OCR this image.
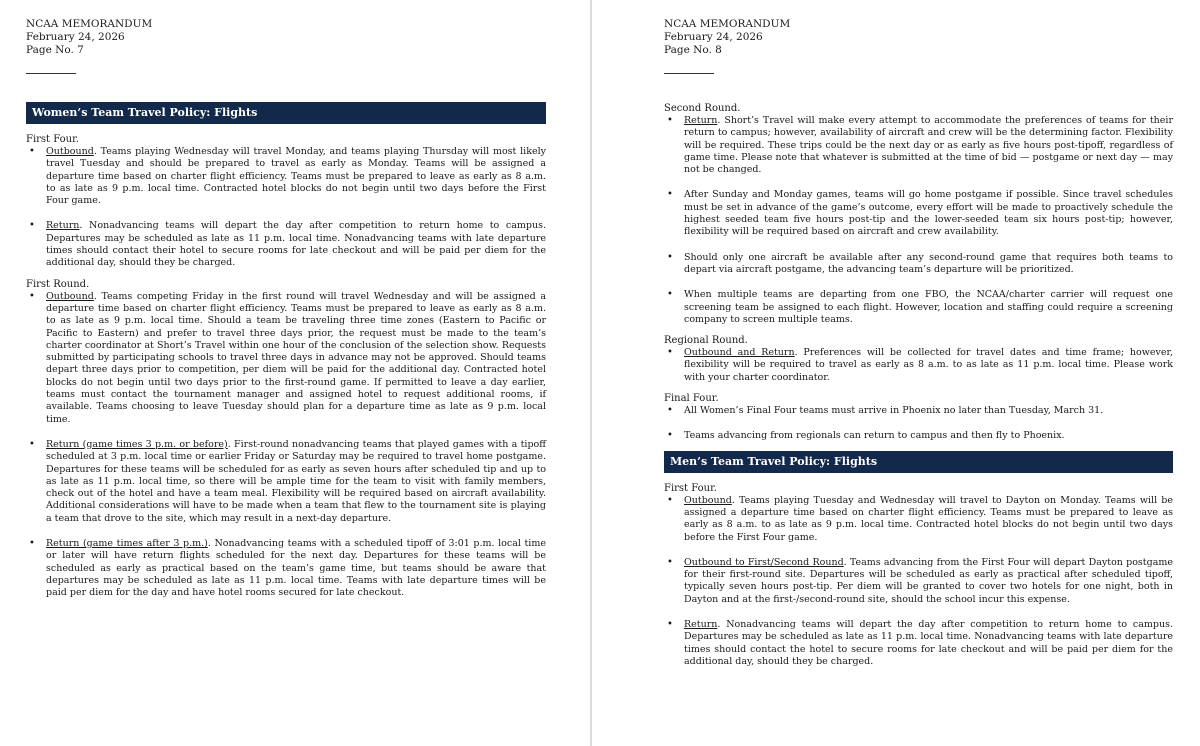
NCAA MEMORANDUM
February 24, 2026
Page No. 7
Women’s Team Travel Policy: Flights
First Four.
• Outbound. Teams playing Wednesday will travel Monday, and teams playing Thursday will most likely travel Tuesday and should be prepared to travel as early as Monday. Teams will be assigned a departure time based on charter flight efficiency. Teams must be prepared to leave as early as 8 a.m. to as late as 9 p.m. local time. Contracted hotel blocks do not begin until two days before the First Four game.
• Return. Nonadvancing teams will depart the day after competition to return home to campus. Departures may be scheduled as late as 11 p.m. local time. Nonadvancing teams with late departure times should contact their hotel to secure rooms for late checkout and will be paid per diem for the additional day, should they be charged.
First Round.
• Outbound. Teams competing Friday in the first round will travel Wednesday and will be assigned a departure time based on charter flight efficiency. Teams must be prepared to leave as early as 8 a.m. to as late as 9 p.m. local time. Should a team be traveling three time zones (Eastern to Pacific or Pacific to Eastern) and prefer to travel three days prior, the request must be made to the team’s charter coordinator at Short’s Travel within one hour of the conclusion of the selection show. Requests submitted by participating schools to travel three days in advance may not be approved. Should teams depart three days prior to competition, per diem will be paid for the additional day. Contracted hotel blocks do not begin until two days prior to the first-round game. If permitted to leave a day earlier, teams must contact the tournament manager and assigned hotel to request additional rooms, if available. Teams choosing to leave Tuesday should plan for a departure time as late as 9 p.m. local time.
• Return (game times 3 p.m. or before). First-round nonadvancing teams that played games with a tipoff scheduled at 3 p.m. local time or earlier Friday or Saturday may be required to travel home postgame. Departures for these teams will be scheduled for as early as seven hours after scheduled tip and up to as late as 11 p.m. local time, so there will be ample time for the team to visit with family members, check out of the hotel and have a team meal. Flexibility will be required based on aircraft availability. Additional considerations will have to be made when a team that flew to the tournament site is playing a team that drove to the site, which may result in a next-day departure.
• Return (game times after 3 p.m.). Nonadvancing teams with a scheduled tipoff of 3:01 p.m. local time or later will have return flights scheduled for the next day. Departures for these teams will be scheduled as early as practical based on the team’s game time, but teams should be aware that departures may be scheduled as late as 11 p.m. local time. Teams with late departure times will be paid per diem for the day and have hotel rooms secured for late checkout.
NCAA MEMORANDUM
February 24, 2026
Page No. 8
Second Round.
• Return. Short’s Travel will make every attempt to accommodate the preferences of teams for their return to campus; however, availability of aircraft and crew will be the determining factor. Flexibility will be required. These trips could be the next day or as early as five hours post-tipoff, regardless of game time. Please note that whatever is submitted at the time of bid — postgame or next day — may not be changed.
• After Sunday and Monday games, teams will go home postgame if possible. Since travel schedules must be set in advance of the game’s outcome, every effort will be made to proactively schedule the highest seeded team five hours post-tip and the lower-seeded team six hours post-tip; however, flexibility will be required based on aircraft and crew availability.
• Should only one aircraft be available after any second-round game that requires both teams to depart via aircraft postgame, the advancing team’s departure will be prioritized.
• When multiple teams are departing from one FBO, the NCAA/charter carrier will request one screening team be assigned to each flight. However, location and staffing could require a screening company to screen multiple teams.
Regional Round.
• Outbound and Return. Preferences will be collected for travel dates and time frame; however, flexibility will be required to travel as early as 8 a.m. to as late as 11 p.m. local time. Please work with your charter coordinator.
Final Four.
• All Women’s Final Four teams must arrive in Phoenix no later than Tuesday, March 31.
• Teams advancing from regionals can return to campus and then fly to Phoenix.
Men’s Team Travel Policy: Flights
First Four.
• Outbound. Teams playing Tuesday and Wednesday will travel to Dayton on Monday. Teams will be assigned a departure time based on charter flight efficiency. Teams must be prepared to leave as early as 8 a.m. to as late as 9 p.m. local time. Contracted hotel blocks do not begin until two days before the First Four game.
• Outbound to First/Second Round. Teams advancing from the First Four will depart Dayton postgame for their first-round site. Departures will be scheduled as early as practical after scheduled tipoff, typically seven hours post-tip. Per diem will be granted to cover two hotels for one night, both in Dayton and at the first-/second-round site, should the school incur this expense.
• Return. Nonadvancing teams will depart the day after competition to return home to campus. Departures may be scheduled as late as 11 p.m. local time. Nonadvancing teams with late departure times should contact the hotel to secure rooms for late checkout and will be paid per diem for the additional day, should they be charged.
